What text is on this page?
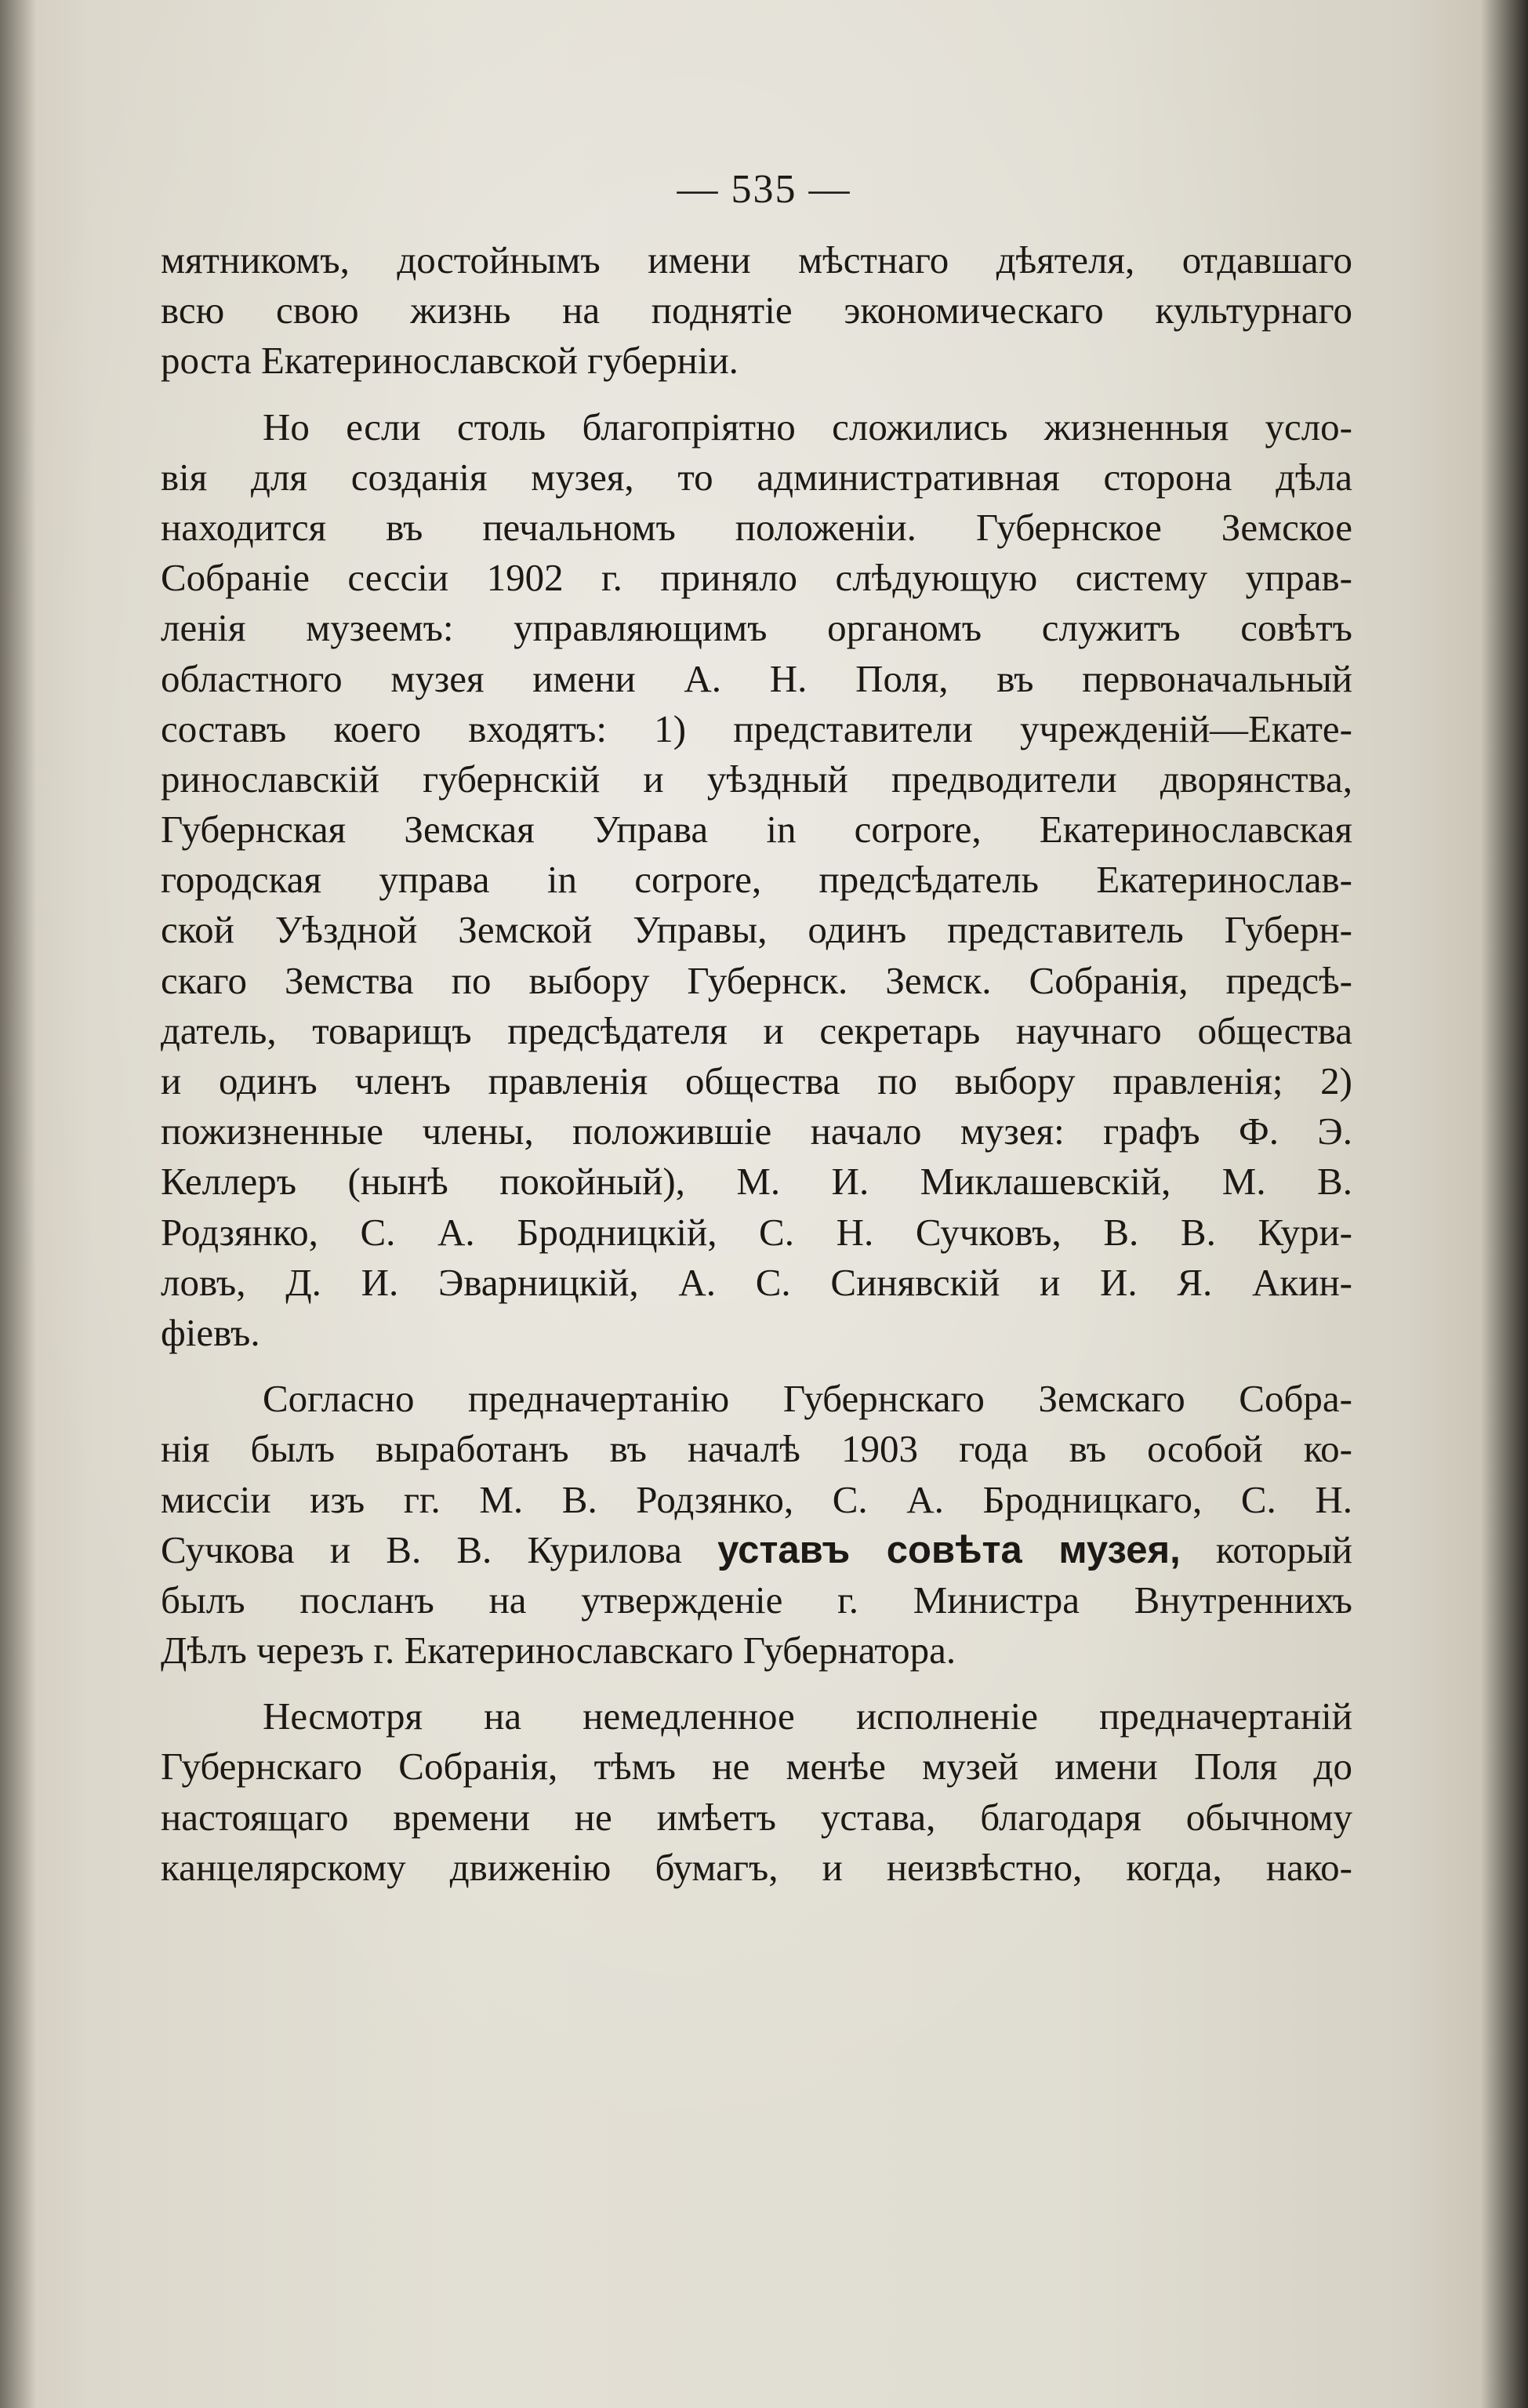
— 535 —
мятникомъ, достойнымъ имени мѣстнаго дѣятеля, отдавшаго
всю свою жизнь на поднятіе экономическаго культурнаго
роста Екатеринославской губерніи.
Но если столь благопріятно сложились жизненныя усло-
вія для созданія музея, то административная сторона дѣла
находится въ печальномъ положеніи. Губернское Земское
Собраніе сессіи 1902 г. приняло слѣдующую систему управ-
ленія музеемъ: управляющимъ органомъ служитъ совѣтъ
областного музея имени А. Н. Поля, въ первоначальный
составъ коего входятъ: 1) представители учрежденій—Екате-
ринославскій губернскій и уѣздный предводители дворянства,
Губернская Земская Управа in corpore, Екатеринославская
городская управа in corpore, предсѣдатель Екатеринослав-
ской Уѣздной Земской Управы, одинъ представитель Губерн-
скаго Земства по выбору Губернск. Земск. Собранія, предсѣ-
датель, товарищъ предсѣдателя и секретарь научнаго общества
и одинъ членъ правленія общества по выбору правленія; 2)
пожизненные члены, положившіе начало музея: графъ Ф. Э.
Келлеръ (нынѣ покойный), М. И. Миклашевскій, М. В.
Родзянко, С. А. Бродницкій, С. Н. Сучковъ, В. В. Кури-
ловъ, Д. И. Эварницкій, А. С. Синявскій и И. Я. Акин-
фіевъ.
Согласно предначертанію Губернскаго Земскаго Собра-
нія былъ выработанъ въ началѣ 1903 года въ особой ко-
миссіи изъ гг. М. В. Родзянко, С. А. Бродницкаго, С. Н.
Сучкова и В. В. Курилова уставъ совѣта музея, который
былъ посланъ на утвержденіе г. Министра Внутреннихъ
Дѣлъ черезъ г. Екатеринославскаго Губернатора.
Несмотря на немедленное исполненіе предначертаній
Губернскаго Собранія, тѣмъ не менѣе музей имени Поля до
настоящаго времени не имѣетъ устава, благодаря обычному
канцелярскому движенію бумагъ, и неизвѣстно, когда, нако-
